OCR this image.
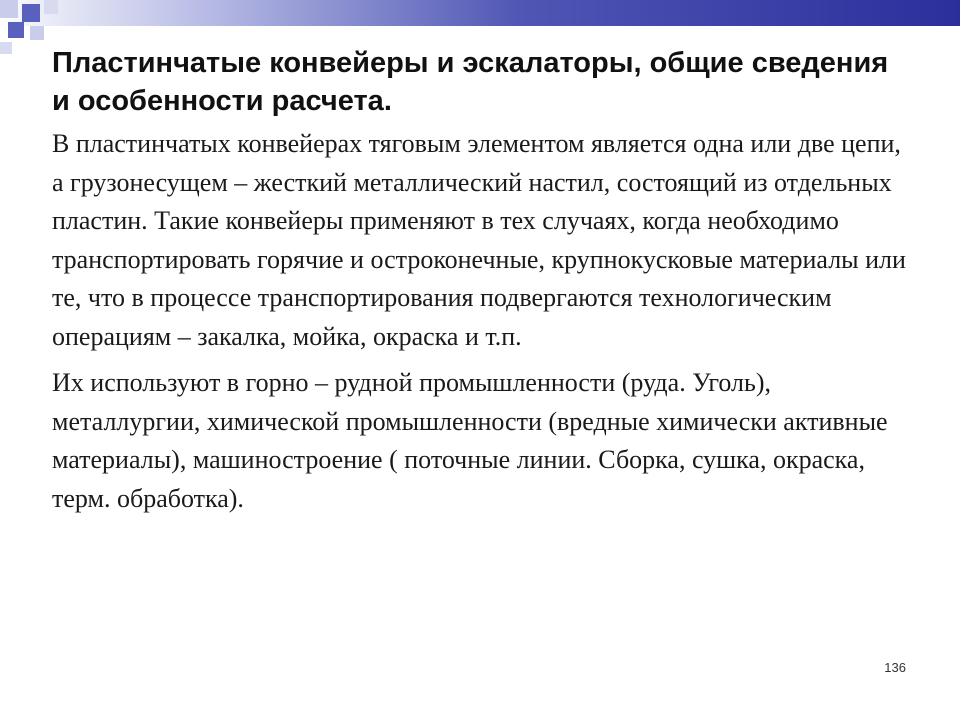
Пластинчатые конвейеры и эскалаторы, общие сведения и особенности расчета.

В пластинчатых конвейерах тяговым элементом является одна или две цепи, а грузонесущем – жесткий металлический настил, состоящий из отдельных пластин. Такие конвейеры применяют в тех случаях, когда необходимо транспортировать горячие и остроконечные, крупнокусковые материалы или те, что в процессе транспортирования подвергаются технологическим операциям – закалка, мойка, окраска и т.п.

Их используют в горно – рудной промышленности (руда. Уголь), металлургии, химической промышленности (вредные химически активные материалы), машиностроение ( поточные линии. Сборка, сушка, окраска, терм. обработка).

136
